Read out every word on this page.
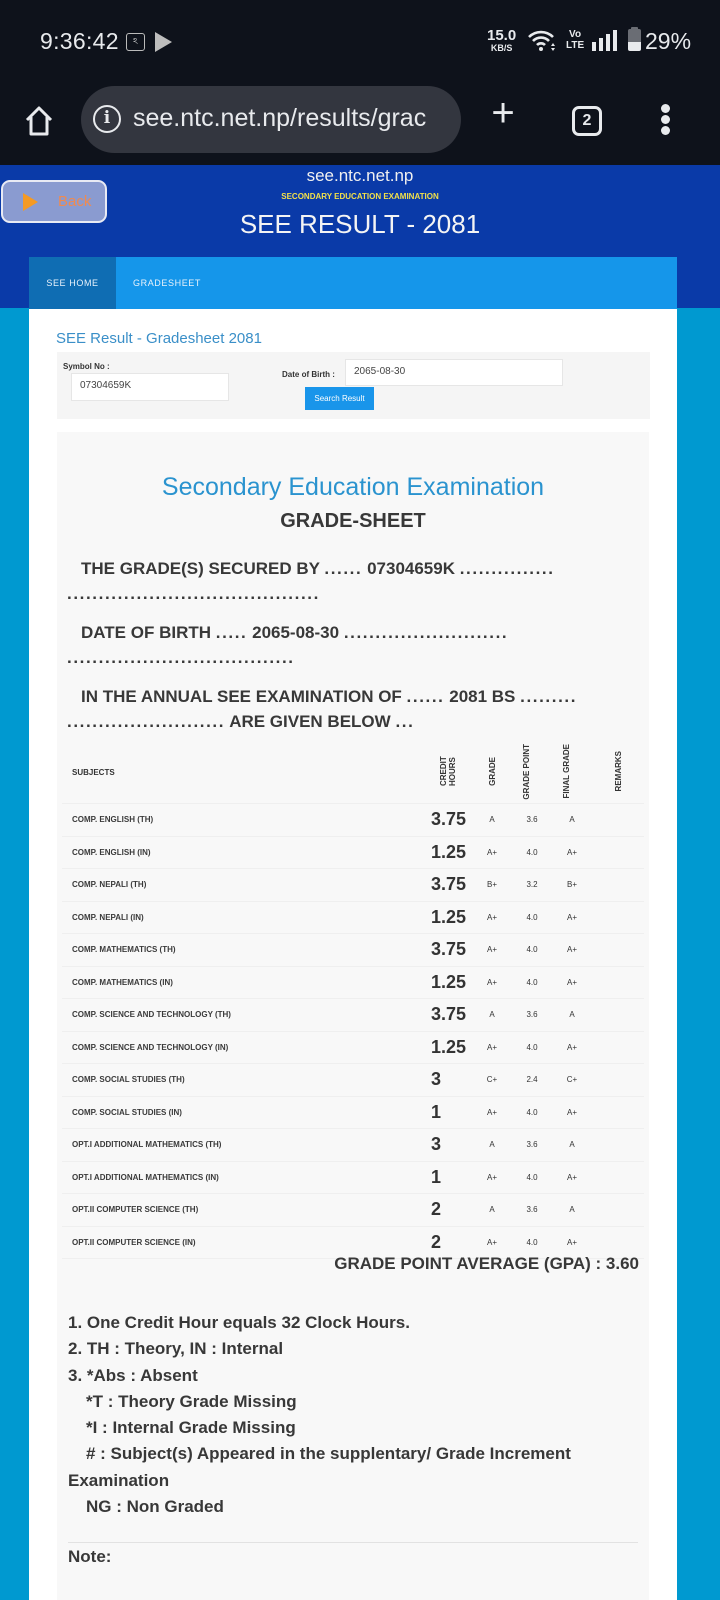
9:36:42	ঽ	15.0
KB/S
Vo
LTE	29%
i see.ntc.net.np/results/grac	+	2
see.ntc.net.np
SECONDARY EDUCATION EXAMINATION
SEE RESULT - 2081
Back
SEE HOME	GRADESHEET
SEE Result - Gradesheet 2081
Symbol No :
07304659K
Date of Birth :	2065-08-30
Search Result
Secondary Education Examination
GRADE-SHEET
THE GRADE(S) SECURED BY ...... 07304659K ...............
........................................
DATE OF BIRTH ..... 2065-08-30 ..........................
....................................
IN THE ANNUAL SEE EXAMINATION OF ...... 2081 BS .........
......................... ARE GIVEN BELOW ...
SUBJECTS	CREDIT HOURS	GRADE	GRADE POINT	FINAL GRADE	REMARKS
COMP. ENGLISH (TH)	3.75	A	3.6	A	
COMP. ENGLISH (IN)	1.25	A+	4.0	A+	
COMP. NEPALI (TH)	3.75	B+	3.2	B+	
COMP. NEPALI (IN)	1.25	A+	4.0	A+	
COMP. MATHEMATICS (TH)	3.75	A+	4.0	A+	
COMP. MATHEMATICS (IN)	1.25	A+	4.0	A+	
COMP. SCIENCE AND TECHNOLOGY (TH)	3.75	A	3.6	A	
COMP. SCIENCE AND TECHNOLOGY (IN)	1.25	A+	4.0	A+	
COMP. SOCIAL STUDIES (TH)	3	C+	2.4	C+	
COMP. SOCIAL STUDIES (IN)	1	A+	4.0	A+	
OPT.I ADDITIONAL MATHEMATICS (TH)	3	A	3.6	A	
OPT.I ADDITIONAL MATHEMATICS (IN)	1	A+	4.0	A+	
OPT.II COMPUTER SCIENCE (TH)	2	A	3.6	A	
OPT.II COMPUTER SCIENCE (IN)	2	A+	4.0	A+	
GRADE POINT AVERAGE (GPA) : 3.60
1. One Credit Hour equals 32 Clock Hours.
2. TH : Theory, IN : Internal
3. *Abs : Absent
*T : Theory Grade Missing
*I : Internal Grade Missing
# : Subject(s) Appeared in the supplentary/ Grade Increment
Examination
NG : Non Graded
Note:
